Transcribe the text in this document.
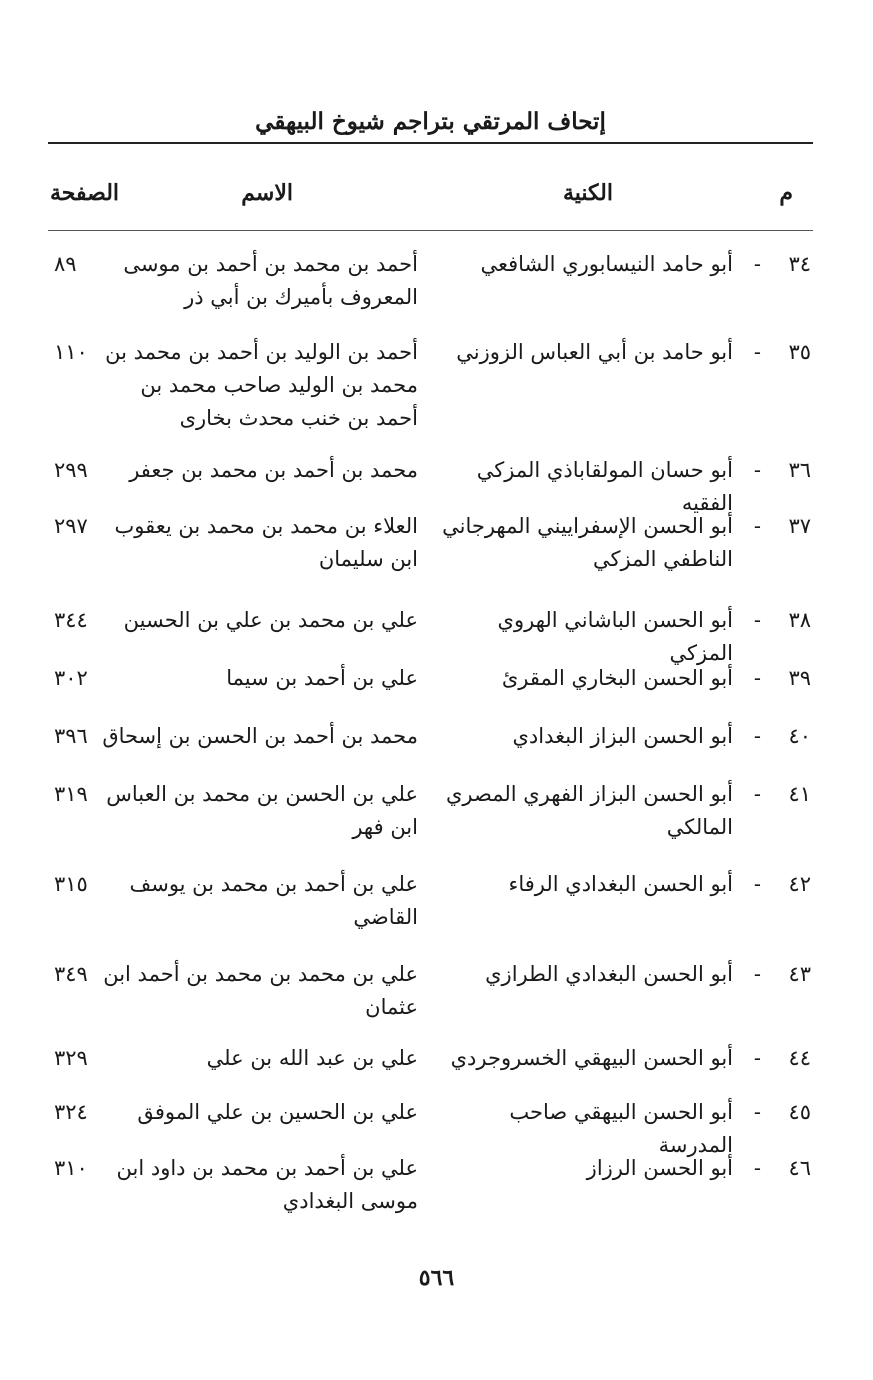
إتحاف المرتقي بتراجم شيوخ البيهقي
م
الكنية
الاسم
الصفحة
٣٤
-
أبو حامد النيسابوري الشافعي
أحمد بن محمد بن أحمد بن موسى المعروف بأميرك بن أبي ذر
٨٩
٣٥
-
أبو حامد بن أبي العباس الزوزني
أحمد بن الوليد بن أحمد بن محمد بن محمد بن الوليد صاحب محمد بن أحمد بن خنب محدث بخارى
١١٠
٣٦
-
أبو حسان المولقاباذي المزكي الفقيه
محمد بن أحمد بن محمد بن جعفر
٢٩٩
٣٧
-
أبو الحسن الإسفراييني المهرجاني الناطفي المزكي
العلاء بن محمد بن محمد بن يعقوب ابن سليمان
٢٩٧
٣٨
-
أبو الحسن الباشاني الهروي المزكي
علي بن محمد بن علي بن الحسين
٣٤٤
٣٩
-
أبو الحسن البخاري المقرئ
علي بن أحمد بن سيما
٣٠٢
٤٠
-
أبو الحسن البزاز البغدادي
محمد بن أحمد بن الحسن بن إسحاق
٣٩٦
٤١
-
أبو الحسن البزاز الفهري المصري المالكي
علي بن الحسن بن محمد بن العباس ابن فهر
٣١٩
٤٢
-
أبو الحسن البغدادي الرفاء
علي بن أحمد بن محمد بن يوسف القاضي
٣١٥
٤٣
-
أبو الحسن البغدادي الطرازي
علي بن محمد بن محمد بن أحمد ابن عثمان
٣٤٩
٤٤
-
أبو الحسن البيهقي الخسروجردي
علي بن عبد الله بن علي
٣٢٩
٤٥
-
أبو الحسن البيهقي صاحب المدرسة
علي بن الحسين بن علي الموفق
٣٢٤
٤٦
-
أبو الحسن الرزاز
علي بن أحمد بن محمد بن داود ابن موسى البغدادي
٣١٠
٥٦٦
